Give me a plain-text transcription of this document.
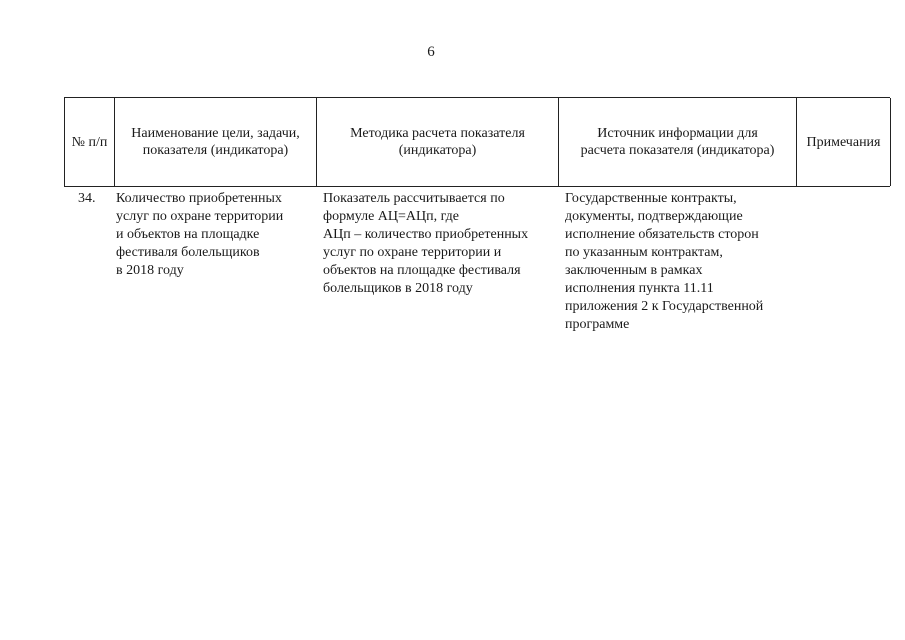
6
№ п/п
Наименование цели, задачи,
показателя (индикатора)
Методика расчета показателя
(индикатора)
Источник информации для
расчета показателя (индикатора)
Примечания
34.	Количество приобретенных
услуг по охране территории
и объектов на площадке
фестиваля болельщиков
в 2018 году
Показатель рассчитывается по
формуле АЦ=АЦп, где
АЦп – количество приобретенных
услуг по охране территории и
объектов на площадке фестиваля
болельщиков в 2018 году
Государственные контракты,
документы, подтверждающие
исполнение обязательств сторон
по указанным контрактам,
заключенным в рамках
исполнения пункта 11.11
приложения 2 к Государственной
программе
